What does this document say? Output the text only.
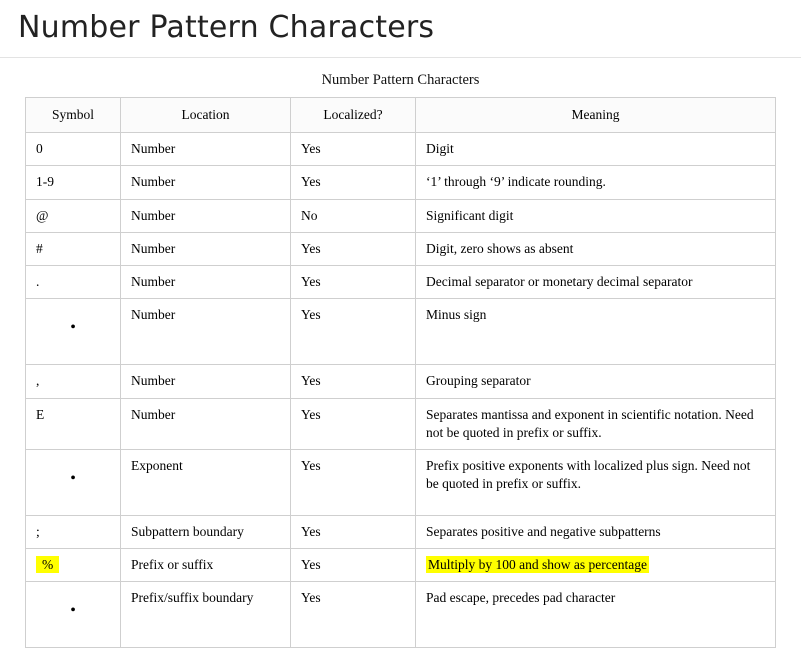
Number Pattern Characters
Number Pattern Characters
Symbol	Location	Localized?	Meaning
0	Number	Yes	Digit
1-9	Number	Yes	‘1’ through ‘9’ indicate rounding.
@	Number	No	Significant digit
#	Number	Yes	Digit, zero shows as absent
.	Number	Yes	Decimal separator or monetary decimal separator
•	Number	Yes	Minus sign
,	Number	Yes	Grouping separator
E	Number	Yes	Separates mantissa and exponent in scientific notation. Need not be quoted in prefix or suffix.
•	Exponent	Yes	Prefix positive exponents with localized plus sign. Need not be quoted in prefix or suffix.
;	Subpattern boundary	Yes	Separates positive and negative subpatterns
%	Prefix or suffix	Yes	Multiply by 100 and show as percentage
•	Prefix/suffix boundary	Yes	Pad escape, precedes pad character
